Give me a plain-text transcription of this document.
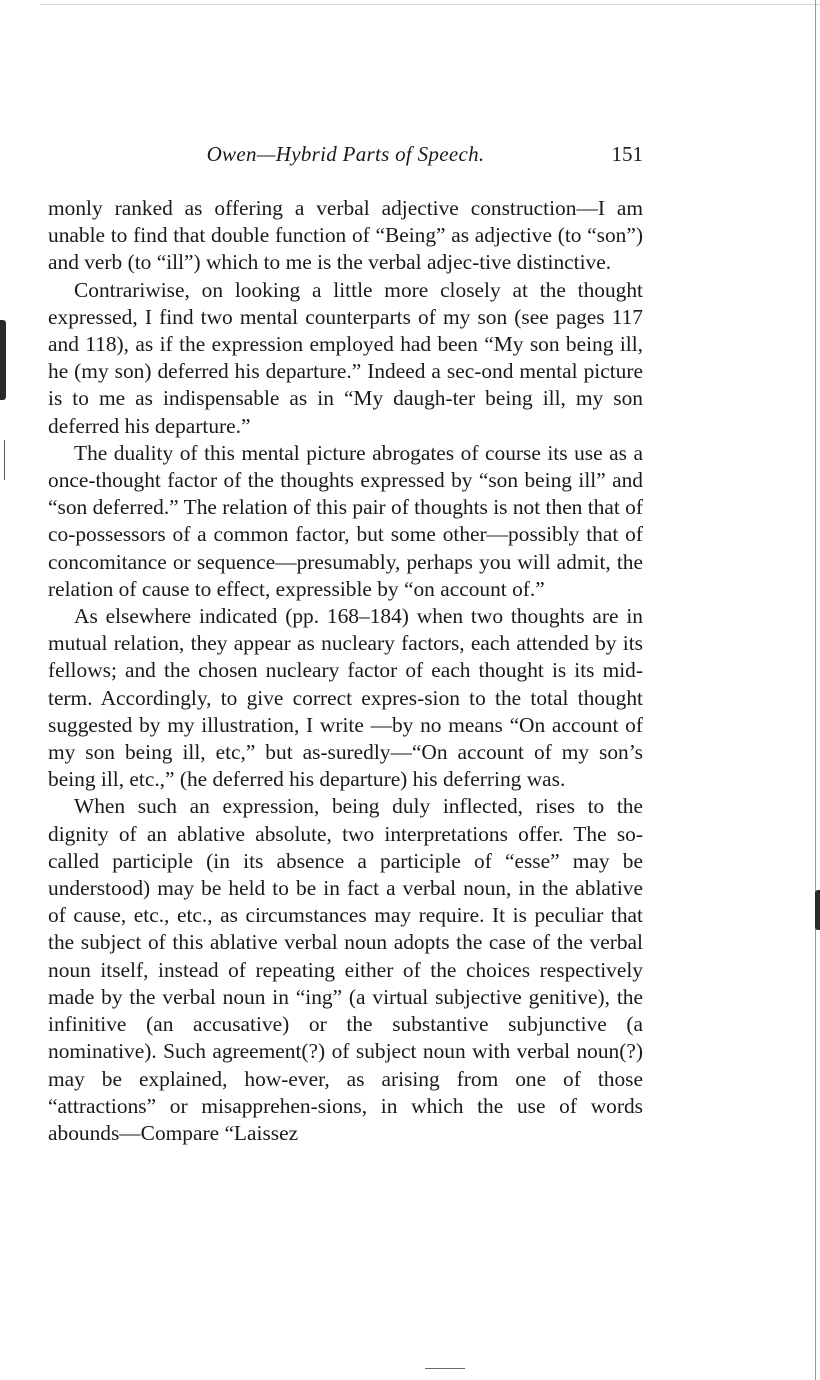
Owen—Hybrid Parts of Speech.	151

monly ranked as offering a verbal adjective construction—I am unable to find that double function of “Being” as adjective (to “son”) and verb (to “ill”) which to me is the verbal adjec-tive distinctive.

Contrariwise, on looking a little more closely at the thought expressed, I find two mental counterparts of my son (see pages 117 and 118), as if the expression employed had been “My son being ill, he (my son) deferred his departure.” Indeed a sec-ond mental picture is to me as indispensable as in “My daugh-ter being ill, my son deferred his departure.”

The duality of this mental picture abrogates of course its use as a once-thought factor of the thoughts expressed by “son being ill” and “son deferred.” The relation of this pair of thoughts is not then that of co-possessors of a common factor, but some other—possibly that of concomitance or sequence—presumably, perhaps you will admit, the relation of cause to effect, expressible by “on account of.”

As elsewhere indicated (pp. 168–184) when two thoughts are in mutual relation, they appear as nucleary factors, each attended by its fellows; and the chosen nucleary factor of each thought is its mid-term. Accordingly, to give correct expres-sion to the total thought suggested by my illustration, I write —by no means “On account of my son being ill, etc,” but as-suredly—“On account of my son’s being ill, etc.,” (he deferred his departure) his deferring was.

When such an expression, being duly inflected, rises to the dignity of an ablative absolute, two interpretations offer. The so-called participle (in its absence a participle of “esse” may be understood) may be held to be in fact a verbal noun, in the ablative of cause, etc., etc., as circumstances may require. It is peculiar that the subject of this ablative verbal noun adopts the case of the verbal noun itself, instead of repeating either of the choices respectively made by the verbal noun in “ing” (a virtual subjective genitive), the infinitive (an accusative) or the substantive subjunctive (a nominative). Such agreement(?) of subject noun with verbal noun(?) may be explained, how-ever, as arising from one of those “attractions” or misapprehen-sions, in which the use of words abounds—Compare “Laissez
